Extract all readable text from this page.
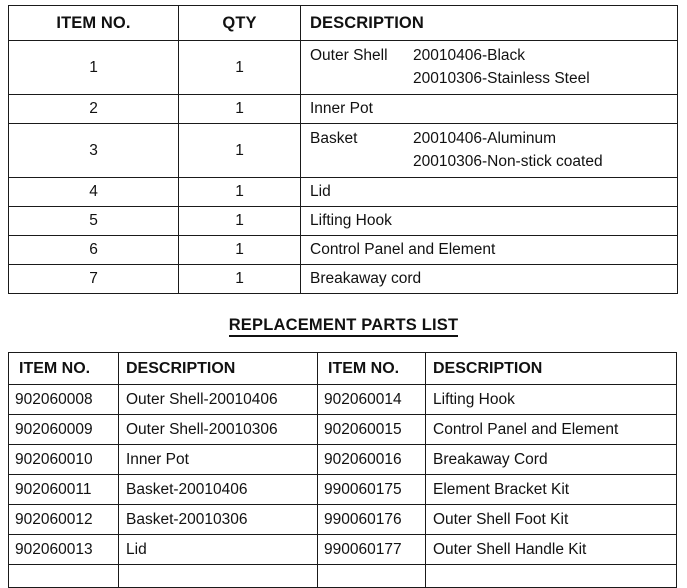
ITEM NO.	QTY	DESCRIPTION
1	1	Outer Shell 20010406-Black
20010306-Stainless Steel

2	1	Inner Pot
3	1	Basket 20010406-Aluminum
20010306-Non-stick coated

4	1	Lid
5	1	Lifting Hook
6	1	Control Panel and Element
7	1	Breakaway cord
REPLACEMENT PARTS LIST
ITEM NO.	DESCRIPTION	ITEM NO.	DESCRIPTION
902060008	Outer Shell-20010406	902060014	Lifting Hook
902060009	Outer Shell-20010306	902060015	Control Panel and Element
902060010	Inner Pot	902060016	Breakaway Cord
902060011	Basket-20010406	990060175	Element Bracket Kit
902060012	Basket-20010306	990060176	Outer Shell Foot Kit
902060013	Lid	990060177	Outer Shell Handle Kit
